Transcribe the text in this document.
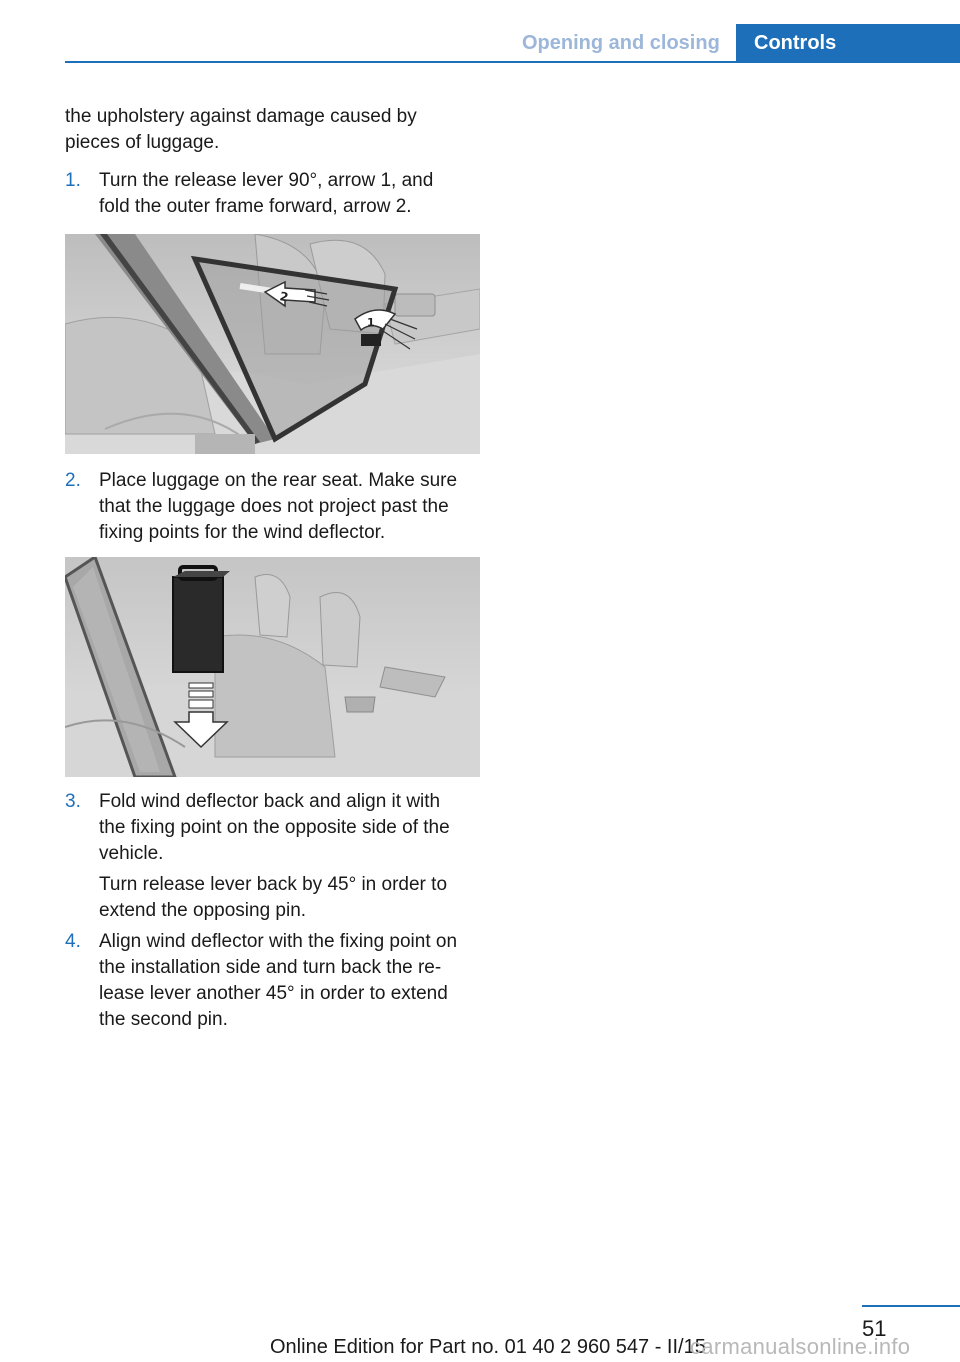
Opening and closing	Controls
the upholstery against damage caused by
pieces of luggage.
1. Turn the release lever 90°, arrow 1, and
fold the outer frame forward, arrow 2.
2
1
2. Place luggage on the rear seat. Make sure
that the luggage does not project past the
fixing points for the wind deflector.
3. Fold wind deflector back and align it with
the fixing point on the opposite side of the
vehicle.
Turn release lever back by 45° in order to
extend the opposing pin.
4. Align wind deflector with the fixing point on
the installation side and turn back the re‐
lease lever another 45° in order to extend
the second pin.
51
Online Edition for Part no. 01 40 2 960 547 - II/15
carmanualsonline.info
